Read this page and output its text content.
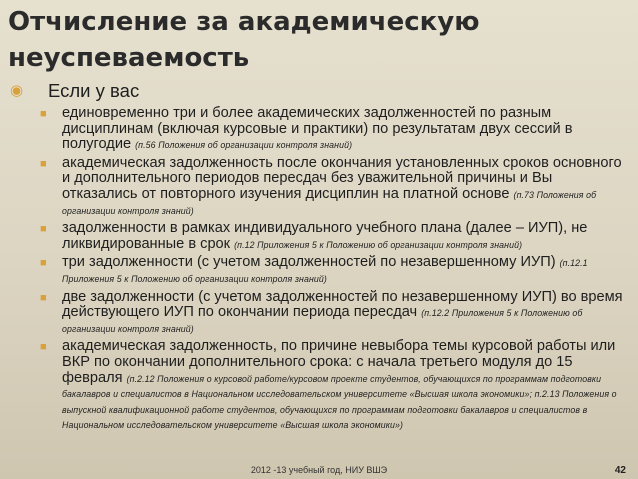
Отчисление за академическую неуспеваемость
◉	Если у вас
■	единовременно три и более академических задолженностей по разным дисциплинам (включая курсовые и практики) по результатам двух сессий в полугодие (п.56 Положения об организации контроля знаний)
■	академическая задолженность после окончания установленных сроков основного и дополнительного периодов пересдач без уважительной причины и Вы отказались от повторного изучения дисциплин на платной основе (п.73 Положения об организации контроля знаний)
■	задолженности в рамках индивидуального учебного плана (далее – ИУП), не ликвидированные в срок (п.12 Приложения 5 к Положению об организации контроля знаний)
■	три задолженности (с учетом задолженностей по незавершенному ИУП) (п.12.1 Приложения 5 к Положению об организации контроля знаний)
■	две задолженности (с учетом задолженностей по незавершенному ИУП) во время действующего ИУП по окончании периода пересдач (п.12.2 Приложения 5 к Положению об организации контроля знаний)
■	академическая задолженность, по причине невыбора темы курсовой работы или ВКР по окончании дополнительного срока: с начала третьего модуля до 15 февраля (п.2.12 Положения о курсовой работе/курсовом проекте студентов, обучающихся по программам подготовки бакалавров и специалистов в Национальном исследовательском университете «Высшая школа экономики»; п.2.13 Положения о выпускной квалификационной работе студентов, обучающихся по программам подготовки бакалавров и специалистов в Национальном исследовательском университете «Высшая школа экономики»)
2012 -13 учебный год, НИУ ВШЭ	42
